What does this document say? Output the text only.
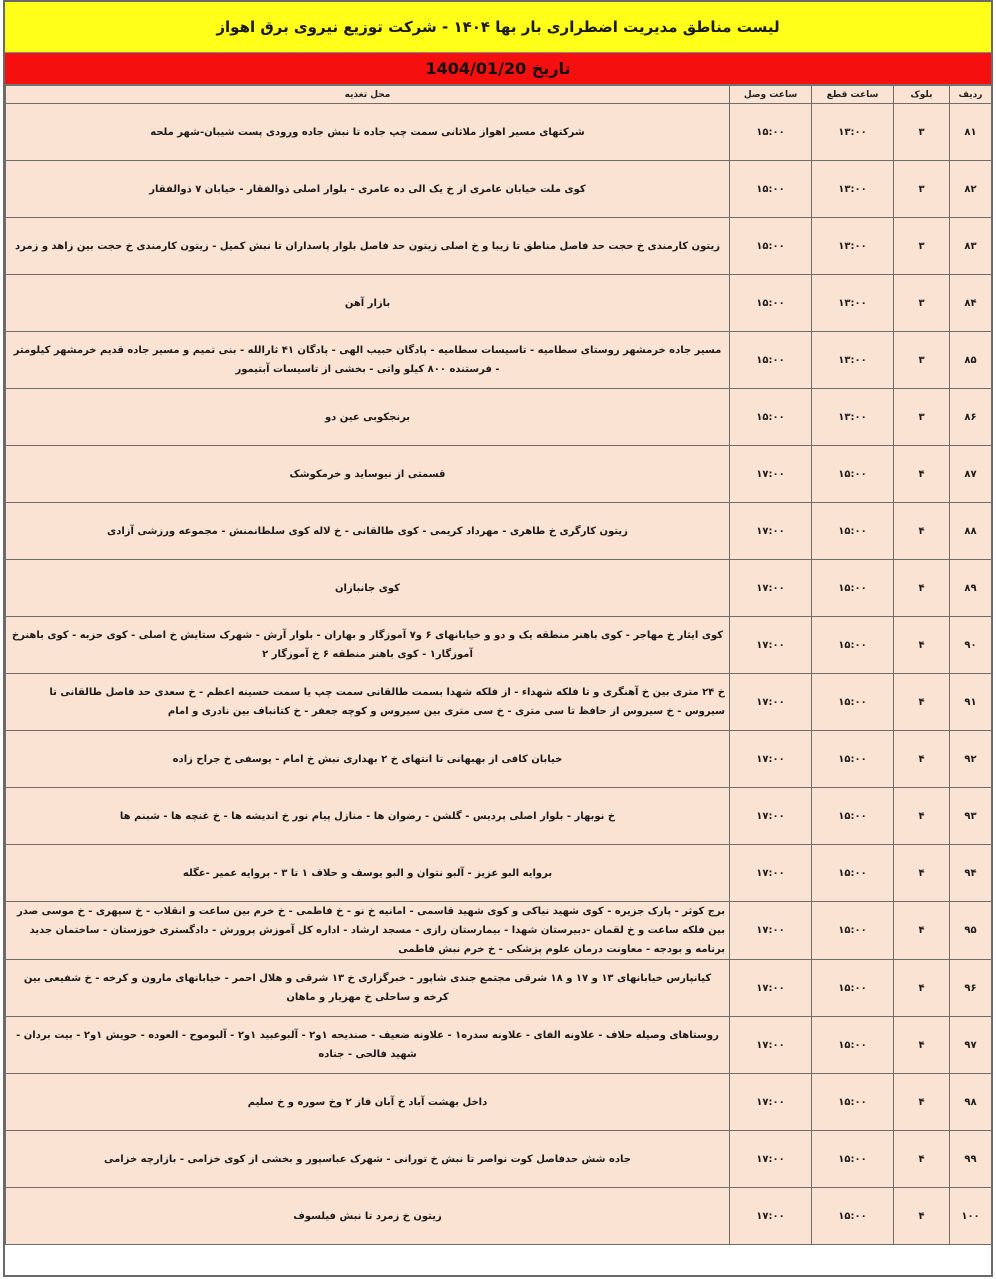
لیست مناطق مدیریت اضطراری بار بها ۱۴۰۴ - شرکت توزیع نیروی برق اهواز
تاریخ 1404/01/20
ردیف	بلوک	ساعت قطع	ساعت وصل	محل تغذیه
۸۱	۳	۱۳:۰۰	۱۵:۰۰	شرکتهای مسیر اهواز ملاثانی سمت چپ جاده تا نبش جاده ورودی پست شیبان-شهر ملحه
۸۲	۳	۱۳:۰۰	۱۵:۰۰	کوی ملت خیابان عامری از خ یک الی ده عامری - بلوار اصلی ذوالفقار - خیابان ۷ ذوالفقار
۸۳	۳	۱۳:۰۰	۱۵:۰۰	زیتون کارمندی خ حجت حد فاصل مناطق تا زیبا و خ اصلی زیتون حد فاصل بلوار پاسداران تا نبش کمیل - زیتون کارمندی خ حجت بین زاهد و زمرد
۸۴	۳	۱۳:۰۰	۱۵:۰۰	بازار آهن
۸۵	۳	۱۳:۰۰	۱۵:۰۰	مسیر جاده خرمشهر روستای سطامیه - تاسیسات سطامیه - پادگان حبیب الهی - پادگان ۴۱ ثارالله - بنی تمیم و مسیر جاده قدیم خرمشهر کیلومتر - فرستنده ۸۰۰ کیلو واتی - بخشی از تاسیسات آبتیمور
۸۶	۳	۱۳:۰۰	۱۵:۰۰	برنجکوبی عین دو
۸۷	۴	۱۵:۰۰	۱۷:۰۰	قسمتی از نیوساید و خرمکوشک
۸۸	۴	۱۵:۰۰	۱۷:۰۰	زیتون کارگری خ طاهری - مهرداد کریمی - کوی طالقانی - خ لاله کوی سلطانمنش - مجموعه ورزشی آزادی
۸۹	۴	۱۵:۰۰	۱۷:۰۰	کوی جانبازان
۹۰	۴	۱۵:۰۰	۱۷:۰۰	کوی ایثار خ مهاجر - کوی باهنر منطقه یک و دو و خیابانهای ۶ و۷ آموزگار و بهاران - بلوار آرش - شهرک ستایش خ اصلی - کوی حزبه - کوی باهنرخ آموزگار۱ - کوی باهنر منطقه ۶ خ آموزگار ۲
۹۱	۴	۱۵:۰۰	۱۷:۰۰	خ ۲۴ متری بین خ آهنگری و تا فلکه شهداء - از فلکه شهدا بسمت طالقانی سمت چپ یا سمت حسینه اعظم - خ سعدی حد فاصل طالقانی تا سیروس - خ سیروس از حافظ تا سی متری - خ سی متری بین سیروس و کوچه جعفر - خ کتانباف بین نادری و امام
۹۲	۴	۱۵:۰۰	۱۷:۰۰	خیابان کافی از بهبهانی تا انتهای خ ۲ بهداری نبش خ امام - یوسفی خ جراح زاده
۹۳	۴	۱۵:۰۰	۱۷:۰۰	خ نوبهار - بلوار اصلی پردیس - گلشن - رضوان ها - منازل پیام نور خ اندیشه ها - خ غنچه ها - شبنم ها
۹۴	۴	۱۵:۰۰	۱۷:۰۰	بروایه البو عزیز - آلبو نتوان و البو یوسف و حلاف ۱ تا ۳ - بروایه عمیر -عگله
۹۵	۴	۱۵:۰۰	۱۷:۰۰	برج کوثر - پارک جزیره - کوی شهید نیاکی و کوی شهید قاسمی - امانیه خ نو - خ فاطمی - خ خرم بین ساعت و انقلاب - خ سپهری - خ موسی صدر بین فلکه ساعت و خ لقمان -دبیرستان شهدا - بیمارستان رازی - مسجد ارشاد - اداره کل آموزش پرورش - دادگستری خوزستان - ساختمان جدید برنامه و بودجه - معاونت درمان علوم پزشکی - خ خرم نبش فاطمی
۹۶	۴	۱۵:۰۰	۱۷:۰۰	کیانپارس خیابانهای ۱۳ و ۱۷ و ۱۸ شرقی مجتمع جندی شاپور - خبرگزاری خ ۱۳ شرقی و هلال احمر - خیابانهای مارون و کرخه - خ شفیعی بین کرخه و ساحلی خ مهزیار و ماهان
۹۷	۴	۱۵:۰۰	۱۷:۰۰	روستاهای وصیله حلاف - علاونه الفای - علاونه سدره۱ - علاونه ضعیف - صندیحه ۱و۲ - آلبوعبید ۱و۲ - آلبوموح - العوده - حویش ۱و۲ - بیت بردان - شهید فالحی - جناده
۹۸	۴	۱۵:۰۰	۱۷:۰۰	داخل بهشت آباد خ آبان فاز ۲ وخ سوره و خ سلیم
۹۹	۴	۱۵:۰۰	۱۷:۰۰	جاده شش حدفاصل کوت نواصر تا نبش خ تورانی - شهرک عباسپور و بخشی از کوی خزامی - بازارچه خزامی
۱۰۰	۴	۱۵:۰۰	۱۷:۰۰	زیتون خ زمرد تا نبش فیلسوف
